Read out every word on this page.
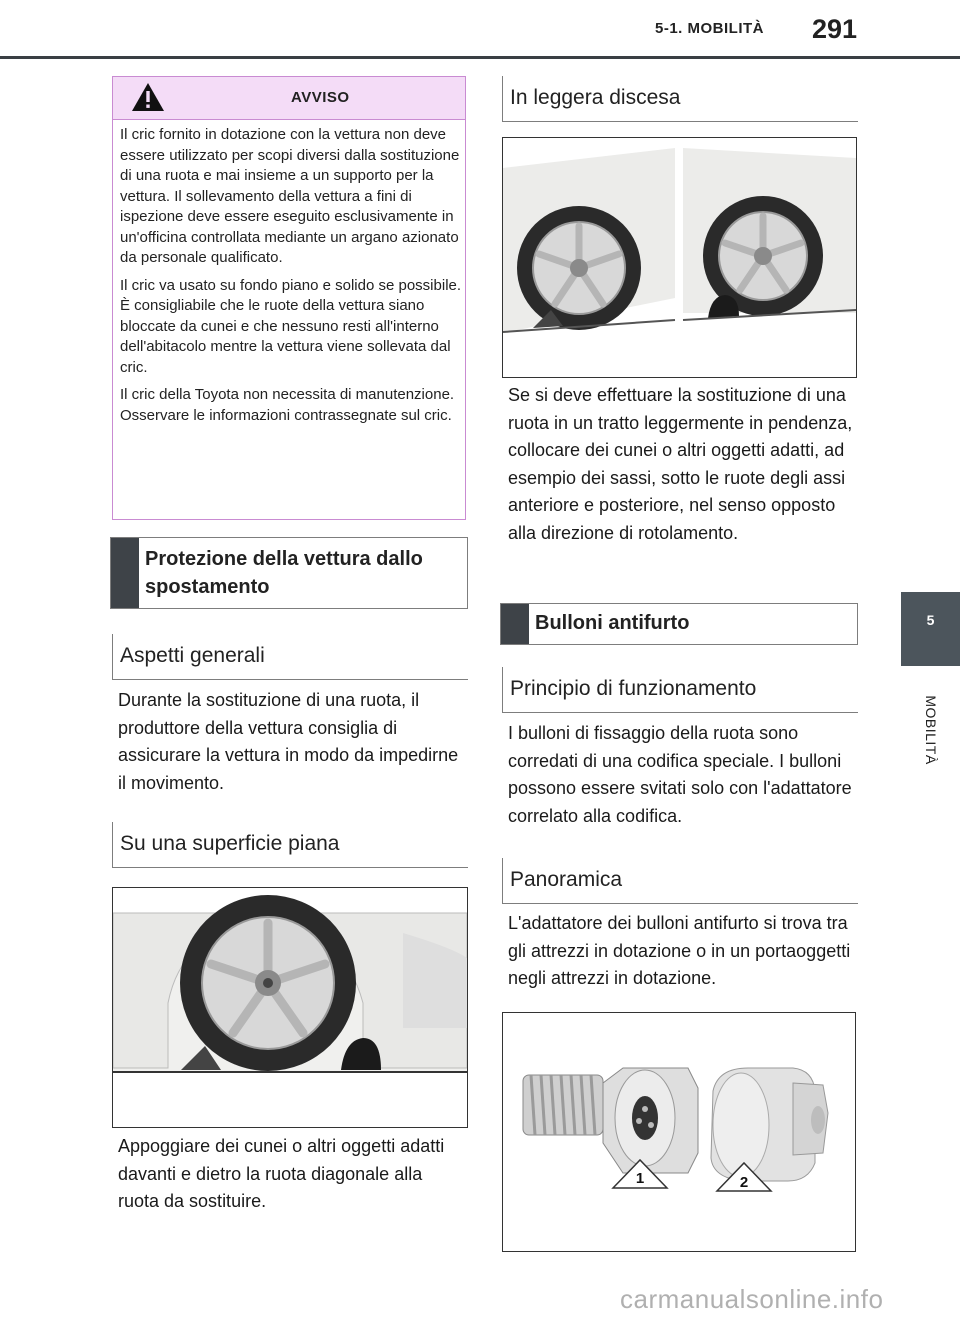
5-1. MOBILITÀ 291
5
MOBILITÀ
AVVISO

Il cric fornito in dotazione con la vettura non deve essere utilizzato per scopi diversi dalla sostituzione di una ruota e mai insieme a un supporto per la vettura. Il sollevamento della vettura a fini di ispezione deve essere eseguito esclusivamente in un'officina controllata mediante un argano azionato da personale qualificato.

Il cric va usato su fondo piano e solido se possibile. È consigliabile che le ruote della vettura siano bloccate da cunei e che nessuno resti all'interno dell'abitacolo mentre la vettura viene sollevata dal cric.

Il cric della Toyota non necessita di manutenzione. Osservare le informazioni contrassegnate sul cric.

Protezione della vettura dallo
spostamento
Aspetti generali
Durante la sostituzione di una ruota, il produttore della vettura consiglia di assicurare la vettura in modo da impedirne il movimento.
Su una superficie piana
Appoggiare dei cunei o altri oggetti adatti davanti e dietro la ruota diagonale alla ruota da sostituire.
In leggera discesa
Se si deve effettuare la sostituzione di una ruota in un tratto leggermente in pendenza, collocare dei cunei o altri oggetti adatti, ad esempio dei sassi, sotto le ruote degli assi anteriore e posteriore, nel senso opposto alla direzione di rotolamento.
Bulloni antifurto
Principio di funzionamento
I bulloni di fissaggio della ruota sono corredati di una codifica speciale. I bulloni possono essere svitati solo con l'adattatore correlato alla codifica.
Panoramica
L'adattatore dei bulloni antifurto si trova tra gli attrezzi in dotazione o in un portaoggetti negli attrezzi in dotazione.
1	2
carmanualsonline.info
